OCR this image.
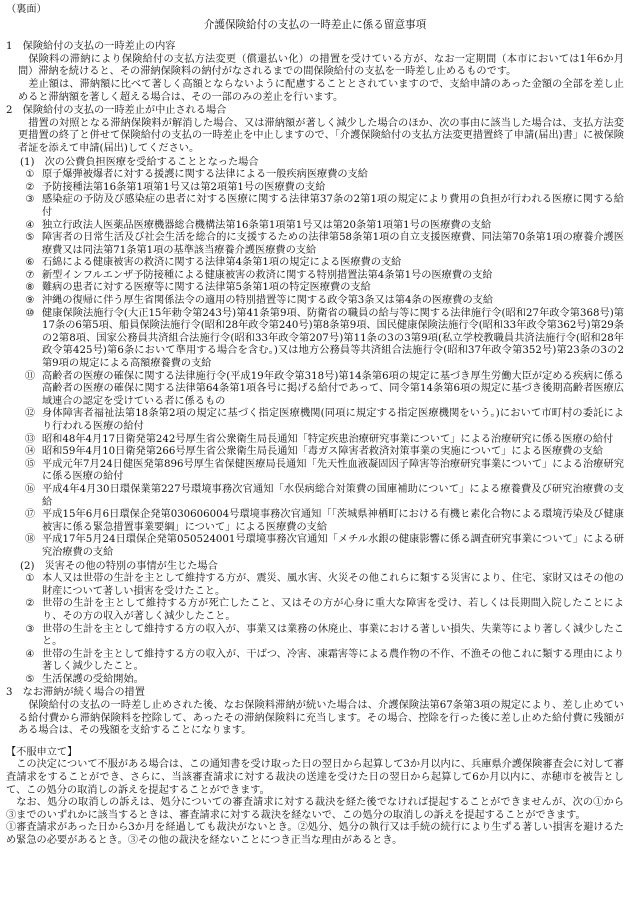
（裏面）
介護保険給付の支払の一時差止に係る留意事項
1　保険給付の支払の一時差止の内容

保険料の滞納により保険給付の支払方法変更（償還払い化）の措置を受けている方が、なお一定期間（本市においては1年6か月間）滞納を続けると、その滞納保険料の納付がなされるまでの間保険給付の支払を一時差し止めるものです。

差止額は、滞納額に比べて著しく高額とならないように配慮することとされていますので、支給申請のあった金額の全部を差し止めると滞納額を著しく超える場合は、その一部のみの差止を行います。

2　保険給付の支払の一時差止が中止される場合

措置の対照となる滞納保険料が解消した場合、又は滞納額が著しく減少した場合のほか、次の事由に該当した場合は、支払方法変更措置の終了と併せて保険給付の支払の一時差止を中止しますので、「介護保険給付の支払方法変更措置終了申請(届出)書」に被保険者証を添えて申請(届出)してください。

(1)　次の公費負担医療を受給することとなった場合
① 原子爆弾被爆者に対する援護に関する法律による一般疾病医療費の支給
② 予防接種法第16条第1項第1号又は第2項第1号の医療費の支給
③ 感染症の予防及び感染症の患者に対する医療に関する法律第37条の2第1項の規定により費用の負担が行われる医療に関する給付
④ 独立行政法人医薬品医療機器総合機構法第16条第1項第1号又は第20条第1項第1号の医療費の支給
⑤ 障害者の日常生活及び社会生活を総合的に支援するための法律第58条第1項の自立支援医療費、同法第70条第1項の療養介護医療費又は同法第71条第1項の基準該当療養介護医療費の支給
⑥ 石綿による健康被害の救済に関する法律第4条第1項の規定による医療費の支給
⑦ 新型インフルエンザ予防接種による健康被害の救済に関する特別措置法第4条第1号の医療費の支給
⑧ 難病の患者に対する医療等に関する法律第5条第1項の特定医療費の支給
⑨ 沖縄の復帰に伴う厚生省関係法令の適用の特別措置等に関する政令第3条又は第4条の医療費の支給
⑩ 健康保険法施行令(大正15年勅令第243号)第41条第9項、防衛省の職員の給与等に関する法律施行令(昭和27年政令第368号)第17条の6第5項、船員保険法施行令(昭和28年政令第240号)第8条第9項、国民健康保険法施行令(昭和33年政令第362号)第29条の2第8項、国家公務員共済組合法施行令(昭和33年政令第207号)第11条の3の3第9項(私立学校教職員共済法施行令(昭和28年政令第425号)第6条において準用する場合を含む。)又は地方公務員等共済組合法施行令(昭和37年政令第352号)第23条の3の2第9項の規定による高額療養費の支給
⑪ 高齢者の医療の確保に関する法律施行令(平成19年政令第318号)第14条第6項の規定に基づき厚生労働大臣が定める疾病に係る高齢者の医療の確保に関する法律第64条第1項各号に掲げる給付であって、同令第14条第6項の規定に基づき後期高齢者医療広域連合の認定を受けている者に係るもの
⑫ 身体障害者福祉法第18条第2項の規定に基づく指定医療機関(同項に規定する指定医療機関をいう。)において市町村の委託により行われる医療の給付
⑬ 昭和48年4月17日衛発第242号厚生省公衆衛生局長通知「特定疾患治療研究事業について」による治療研究に係る医療の給付
⑭ 昭和59年4月10日衛発第266号厚生省公衆衛生局長通知「毒ガス障害者救済対策事業の実施について」による医療費の支給
⑮ 平成元年7月24日健医発第896号厚生省保健医療局長通知「先天性血液凝固因子障害等治療研究事業について」による治療研究に係る医療の給付
⑯ 平成4年4月30日環保業第227号環境事務次官通知「水俣病総合対策費の国庫補助について」による療養費及び研究治療費の支給
⑰ 平成15年6月6日環保企発第030606004号環境事務次官通知「「茨城県神栖町における有機ヒ素化合物による環境汚染及び健康被害に係る緊急措置事業要綱」について」による医療費の支給
⑱ 平成17年5月24日環保企発第050524001号環境事務次官通知「メチル水銀の健康影響に係る調査研究事業について」による研究治療費の支給
(2)　災害その他の特別の事情が生じた場合
① 本人又は世帯の生計を主として維持する方が、震災、風水害、火災その他これらに類する災害により、住宅、家財又はその他の財産について著しい損害を受けたこと。
② 世帯の生計を主として維持する方が死亡したこと、又はその方が心身に重大な障害を受け、若しくは長期間入院したことにより、その方の収入が著しく減少したこと。
③ 世帯の生計を主として維持する方の収入が、事業又は業務の休廃止、事業における著しい損失、失業等により著しく減少したこと。
④ 世帯の生計を主として維持する方の収入が、干ばつ、冷害、凍霜害等による農作物の不作、不漁その他これに類する理由により著しく減少したこと。
⑤ 生活保護の受給開始。
3　なお滞納が続く場合の措置

保険給付の支払の一時差し止めされた後、なお保険料滞納が続いた場合は、介護保険法第67条第3項の規定により、差し止めている給付費から滞納保険料を控除して、あったその滞納保険料に充当します。その場合、控除を行った後に差し止めた給付費に残額がある場合は、その残額を支給することになります。

【不服申立て】

この決定について不服がある場合は、この通知書を受け取った日の翌日から起算して3か月以内に、兵庫県介護保険審査会に対して審査請求をすることができ、さらに、当該審査請求に対する裁決の送達を受けた日の翌日から起算して6か月以内に、赤穂市を被告として、この処分の取消しの訴えを提起することができます。

なお、処分の取消しの訴えは、処分についての審査請求に対する裁決を経た後でなければ提起することができませんが、次の①から③までのいずれかに該当するときは、審査請求に対する裁決を経ないで、この処分の取消しの訴えを提起することができます。

①審査請求があった日から3か月を経過しても裁決がないとき。②処分、処分の執行又は手続の続行により生ずる著しい損害を避けるため緊急の必要があるとき。③その他の裁決を経ないことにつき正当な理由があるとき。
